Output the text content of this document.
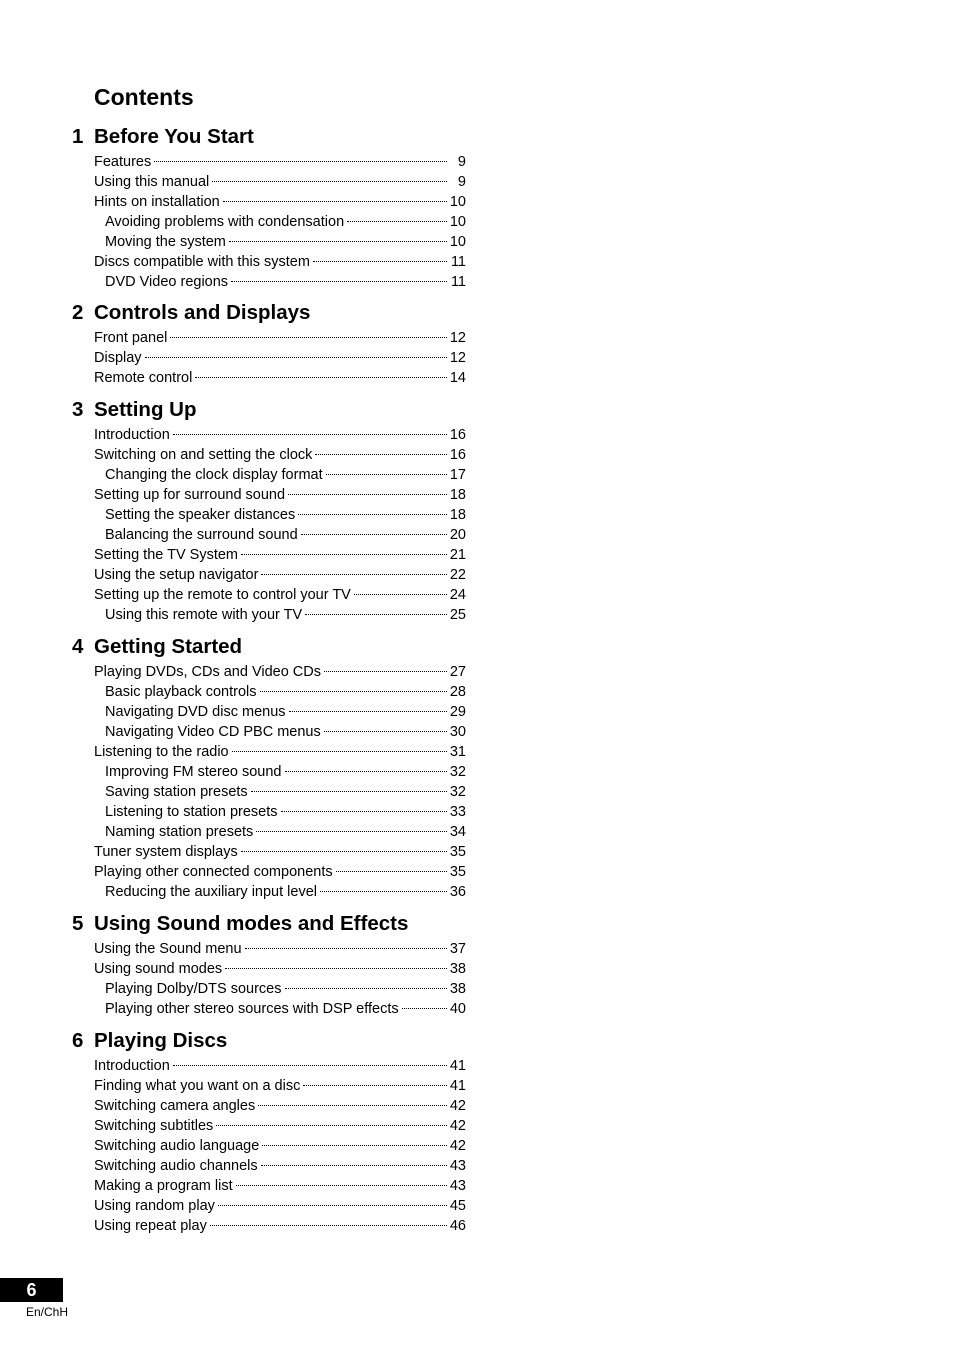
Contents
1 Before You Start
Features	9
Using this manual	9
Hints on installation	10
Avoiding problems with condensation	10
Moving the system	10
Discs compatible with this system	11
DVD Video regions	11
2 Controls and Displays
Front panel	12
Display	12
Remote control	14
3 Setting Up
Introduction	16
Switching on and setting the clock	16
Changing the clock display format	17
Setting up for surround sound	18
Setting the speaker distances	18
Balancing the surround sound	20
Setting the TV System	21
Using the setup navigator	22
Setting up the remote to control your TV	24
Using this remote with your TV	25
4 Getting Started
Playing DVDs, CDs and Video CDs	27
Basic playback controls	28
Navigating DVD disc menus	29
Navigating Video CD PBC menus	30
Listening to the radio	31
Improving FM stereo sound	32
Saving station presets	32
Listening to station presets	33
Naming station presets	34
Tuner system displays	35
Playing other connected components	35
Reducing the auxiliary input level	36
5 Using Sound modes and Effects
Using the Sound menu	37
Using sound modes	38
Playing Dolby/DTS sources	38
Playing other stereo sources with DSP effects	40
6 Playing Discs
Introduction	41
Finding what you want on a disc	41
Switching camera angles	42
Switching subtitles	42
Switching audio language	42
Switching audio channels	43
Making a program list	43
Using random play	45
Using repeat play	46
6
En/ChH
